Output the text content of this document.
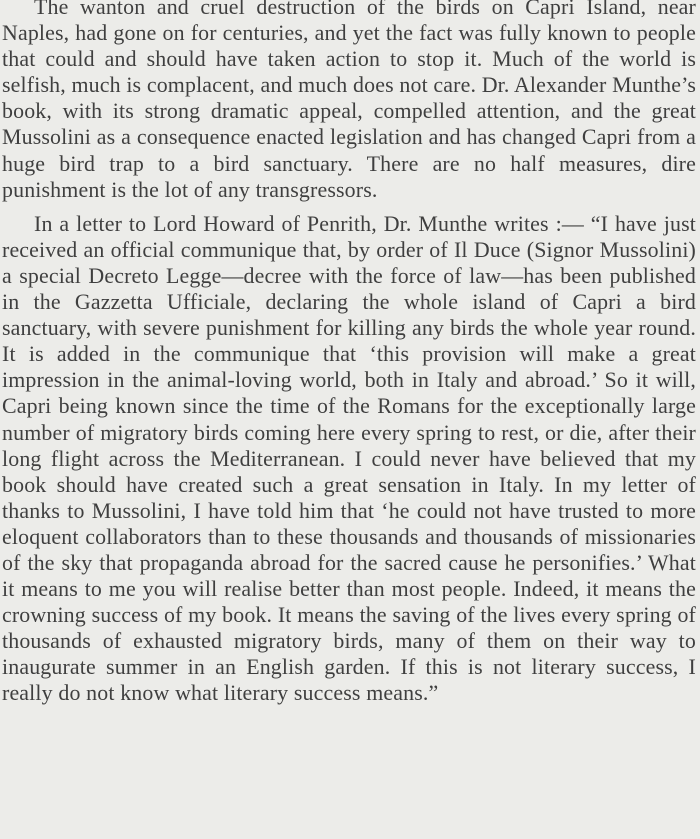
The wanton and cruel destruction of the birds on Capri Island, near Naples, had gone on for centuries, and yet the fact was fully known to people that could and should have taken action to stop it. Much of the world is selfish, much is complacent, and much does not care. Dr. Alexander Munthe’s book, with its strong dramatic appeal, compelled attention, and the great Mussolini as a consequence enacted legislation and has changed Capri from a huge bird trap to a bird sanctuary. There are no half measures, dire punishment is the lot of any transgressors.

In a letter to Lord Howard of Penrith, Dr. Munthe writes :— “I have just received an official communique that, by order of Il Duce (Signor Mussolini) a special Decreto Legge—decree with the force of law—has been published in the Gazzetta Ufficiale, declaring the whole island of Capri a bird sanctuary, with severe punishment for killing any birds the whole year round. It is added in the communique that ‘this provision will make a great impression in the animal-loving world, both in Italy and abroad.’ So it will, Capri being known since the time of the Romans for the exceptionally large number of migratory birds coming here every spring to rest, or die, after their long flight across the Mediterranean. I could never have believed that my book should have created such a great sensation in Italy. In my letter of thanks to Mussolini, I have told him that ‘he could not have trusted to more eloquent collaborators than to these thousands and thousands of missionaries of the sky that propaganda abroad for the sacred cause he personifies.’ What it means to me you will realise better than most people. Indeed, it means the crowning success of my book. It means the saving of the lives every spring of thousands of exhausted migratory birds, many of them on their way to inaugurate summer in an English garden. If this is not literary success, I really do not know what literary success means.”
